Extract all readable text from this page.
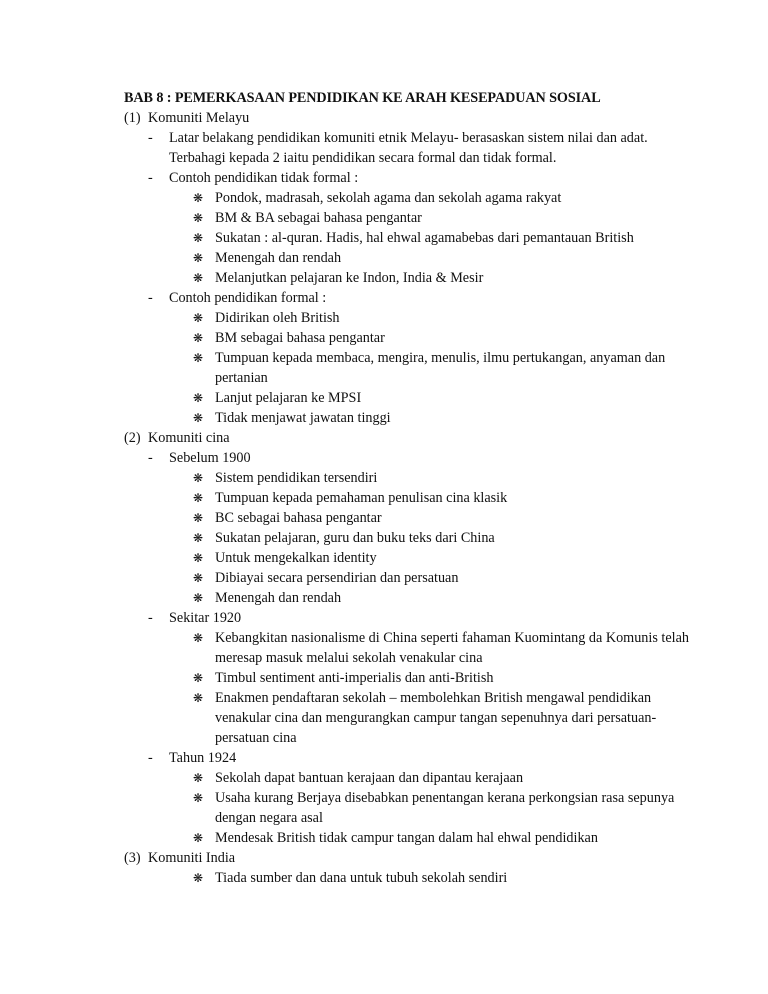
BAB 8 : PEMERKASAAN PENDIDIKAN KE ARAH KESEPADUAN SOSIAL
(1) Komuniti Melayu
- Latar belakang pendidikan komuniti etnik Melayu- berasaskan sistem nilai dan adat. Terbahagi kepada 2 iaitu pendidikan secara formal dan tidak formal.
- Contoh pendidikan tidak formal :
❋ Pondok, madrasah, sekolah agama dan sekolah agama rakyat
❋ BM & BA sebagai bahasa pengantar
❋ Sukatan : al-quran. Hadis, hal ehwal agamabebas dari pemantauan British
❋ Menengah dan rendah
❋ Melanjutkan pelajaran ke Indon, India & Mesir
- Contoh pendidikan formal :
❋ Didirikan oleh British
❋ BM sebagai bahasa pengantar
❋ Tumpuan kepada membaca, mengira, menulis, ilmu pertukangan, anyaman dan pertanian
❋ Lanjut pelajaran ke MPSI
❋ Tidak menjawat jawatan tinggi
(2) Komuniti cina
- Sebelum 1900
❋ Sistem pendidikan tersendiri
❋ Tumpuan kepada pemahaman penulisan cina klasik
❋ BC sebagai bahasa pengantar
❋ Sukatan pelajaran, guru dan buku teks dari China
❋ Untuk mengekalkan identity
❋ Dibiayai secara persendirian dan persatuan
❋ Menengah dan rendah
- Sekitar 1920
❋ Kebangkitan nasionalisme di China seperti fahaman Kuomintang da Komunis telah meresap masuk melalui sekolah venakular cina
❋ Timbul sentiment anti-imperialis dan anti-British
❋ Enakmen pendaftaran sekolah – membolehkan British mengawal pendidikan venakular cina dan mengurangkan campur tangan sepenuhnya dari persatuan-persatuan cina
- Tahun 1924
❋ Sekolah dapat bantuan kerajaan dan dipantau kerajaan
❋ Usaha kurang Berjaya disebabkan penentangan kerana perkongsian rasa sepunya dengan negara asal
❋ Mendesak British tidak campur tangan dalam hal ehwal pendidikan
(3) Komuniti India
❋ Tiada sumber dan dana untuk tubuh sekolah sendiri
